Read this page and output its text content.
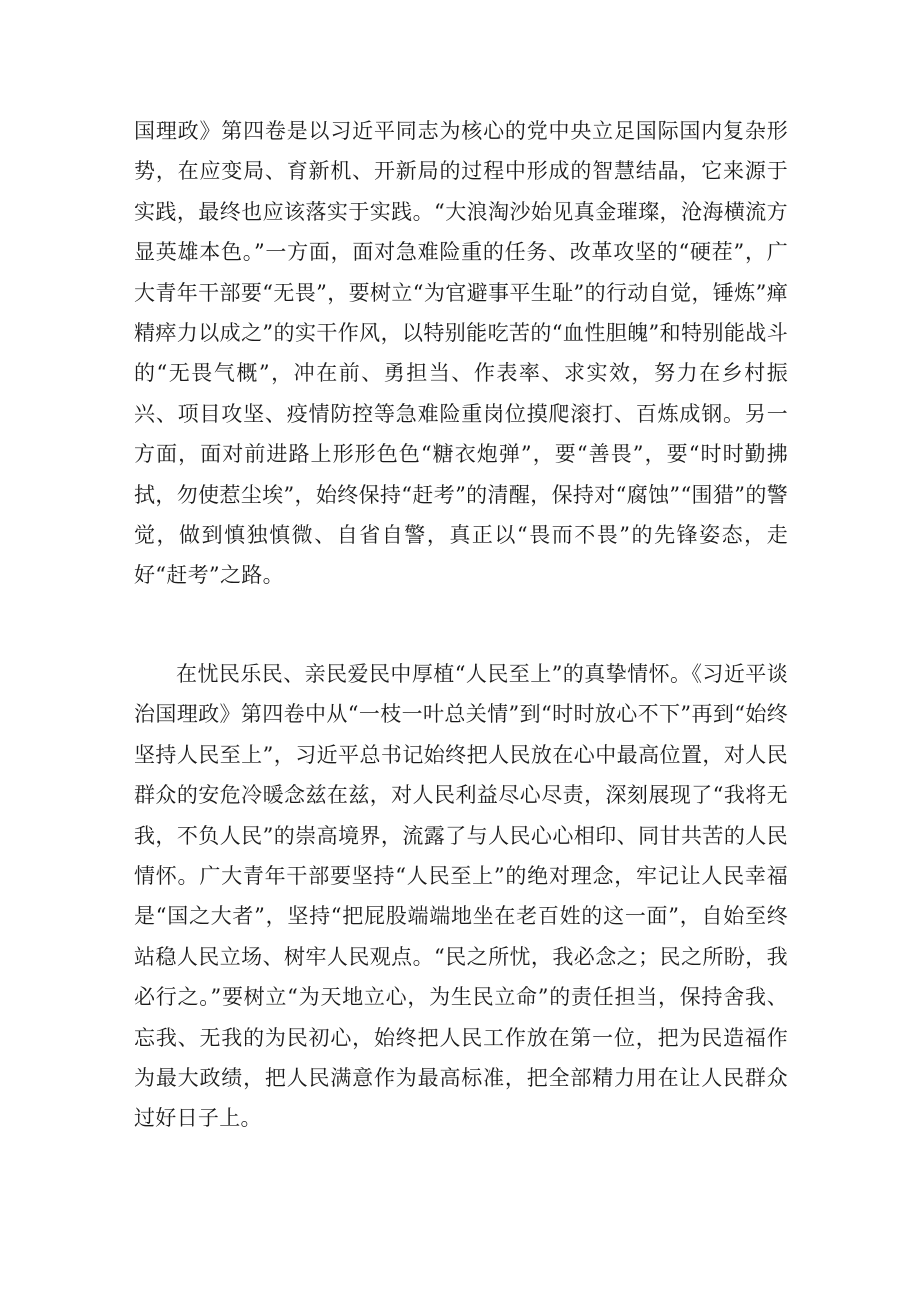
国理政》第四卷是以习近平同志为核心的党中央立足国际国内复杂形势，在应变局、育新机、开新局的过程中形成的智慧结晶，它来源于实践，最终也应该落实于实践。“大浪淘沙始见真金璀璨，沧海横流方显英雄本色。”一方面，面对急难险重的任务、改革攻坚的“硬茬”，广大青年干部要“无畏”，要树立“为官避事平生耻”的行动自觉，锤炼”瘅精瘁力以成之”的实干作风，以特别能吃苦的“血性胆魄”和特别能战斗的“无畏气概”，冲在前、勇担当、作表率、求实效，努力在乡村振兴、项目攻坚、疫情防控等急难险重岗位摸爬滚打、百炼成钢。另一方面，面对前进路上形形色色“糖衣炮弹”，要“善畏”，要“时时勤拂拭，勿使惹尘埃”，始终保持“赶考”的清醒，保持对“腐蚀”“围猎”的警觉，做到慎独慎微、自省自警，真正以“畏而不畏”的先锋姿态，走好“赶考”之路。

在忧民乐民、亲民爱民中厚植“人民至上”的真挚情怀。《习近平谈治国理政》第四卷中从“一枝一叶总关情”到“时时放心不下”再到“始终坚持人民至上”，习近平总书记始终把人民放在心中最高位置，对人民群众的安危冷暖念兹在兹，对人民利益尽心尽责，深刻展现了“我将无我，不负人民”的崇高境界，流露了与人民心心相印、同甘共苦的人民情怀。广大青年干部要坚持“人民至上”的绝对理念，牢记让人民幸福是“国之大者”，坚持“把屁股端端地坐在老百姓的这一面”，自始至终站稳人民立场、树牢人民观点。“民之所忧，我必念之；民之所盼，我必行之。”要树立“为天地立心，为生民立命”的责任担当，保持舍我、忘我、无我的为民初心，始终把人民工作放在第一位，把为民造福作为最大政绩，把人民满意作为最高标准，把全部精力用在让人民群众过好日子上。
